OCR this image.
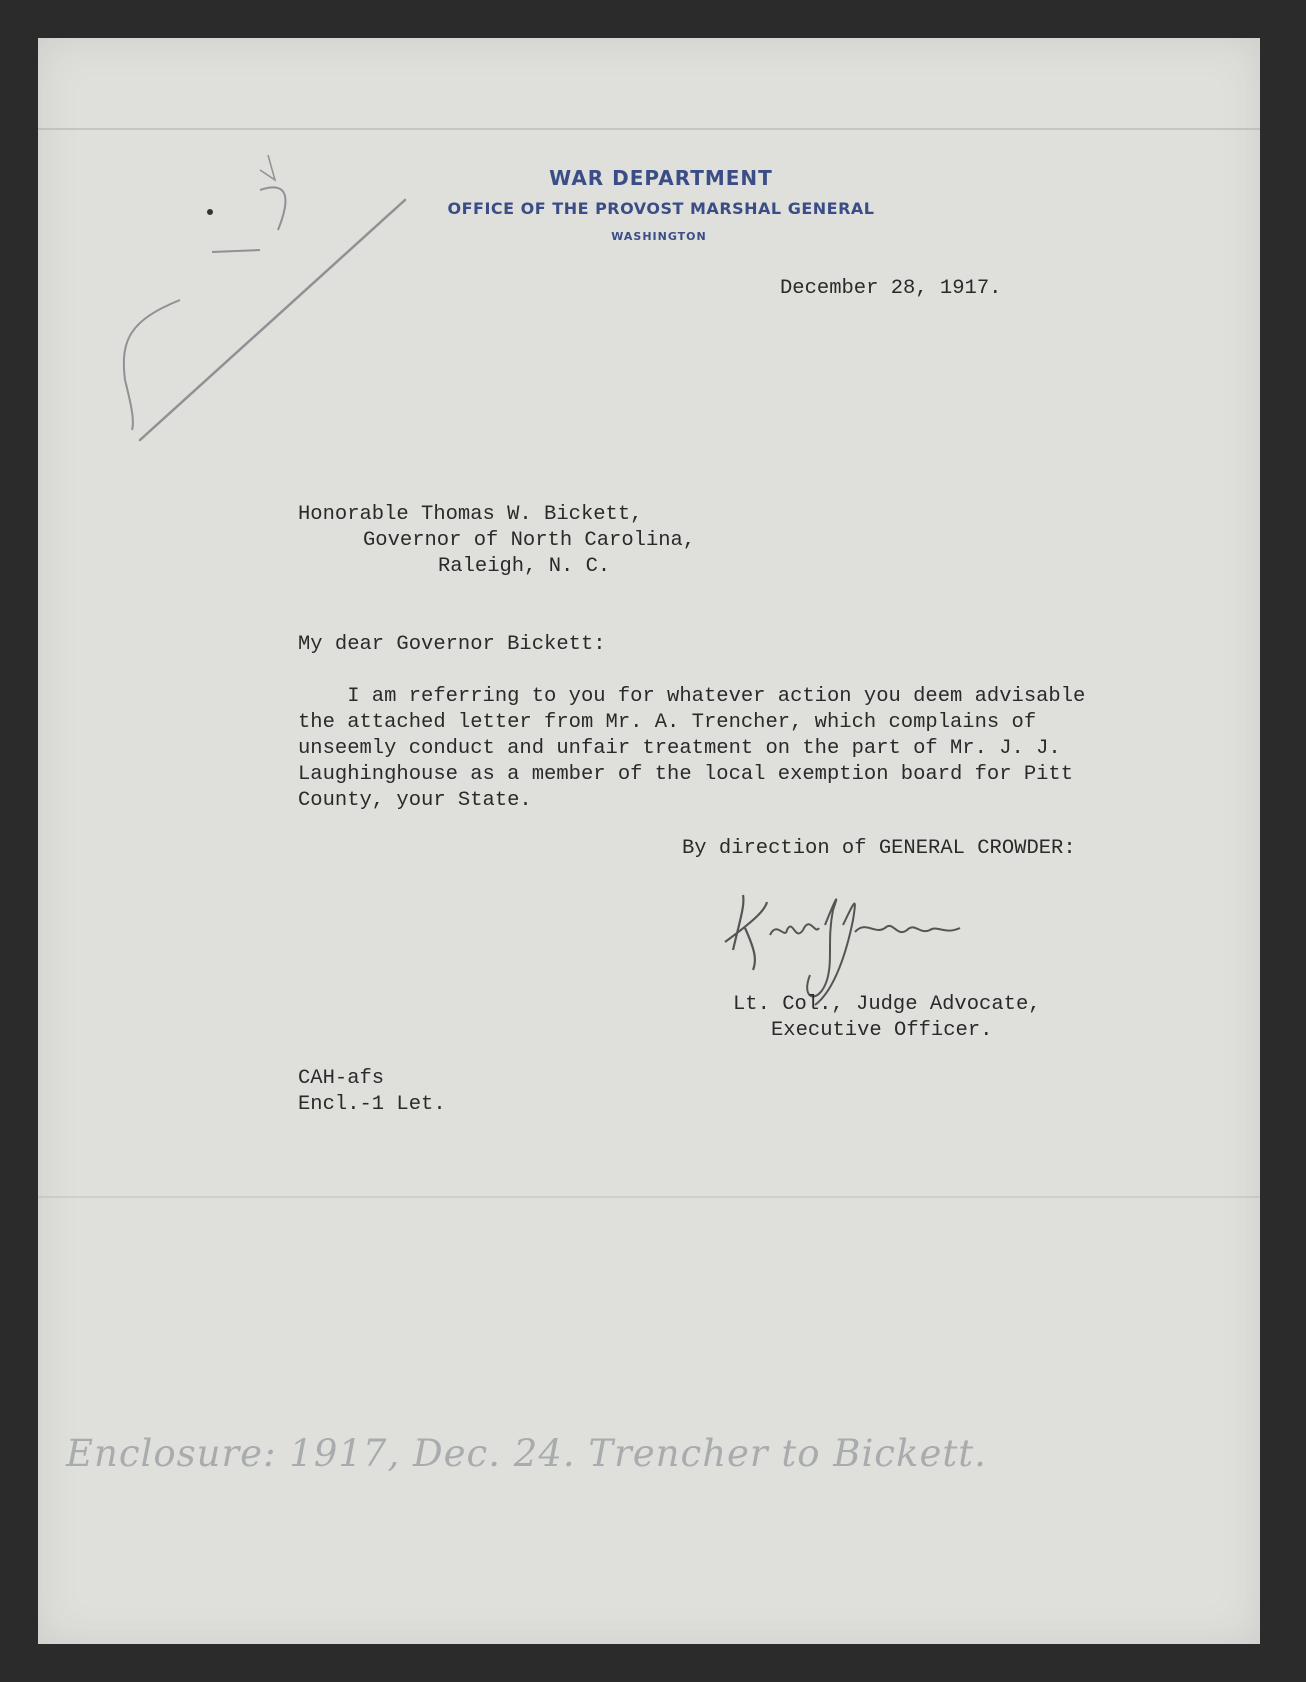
WAR DEPARTMENT
OFFICE OF THE PROVOST MARSHAL GENERAL
WASHINGTON
December 28, 1917.
Honorable Thomas W. Bickett,
Governor of North Carolina,
Raleigh, N. C.
My dear Governor Bickett:
I am referring to you for whatever action you deem advisable
the attached letter from Mr. A. Trencher, which complains of
unseemly conduct and unfair treatment on the part of Mr. J. J.
Laughinghouse as a member of the local exemption board for Pitt
County, your State.
By direction of GENERAL CROWDER:
Lt. Col., Judge Advocate,
Executive Officer.
CAH-afs
Encl.-1 Let.
Enclosure: 1917, Dec. 24. Trencher to Bickett.
